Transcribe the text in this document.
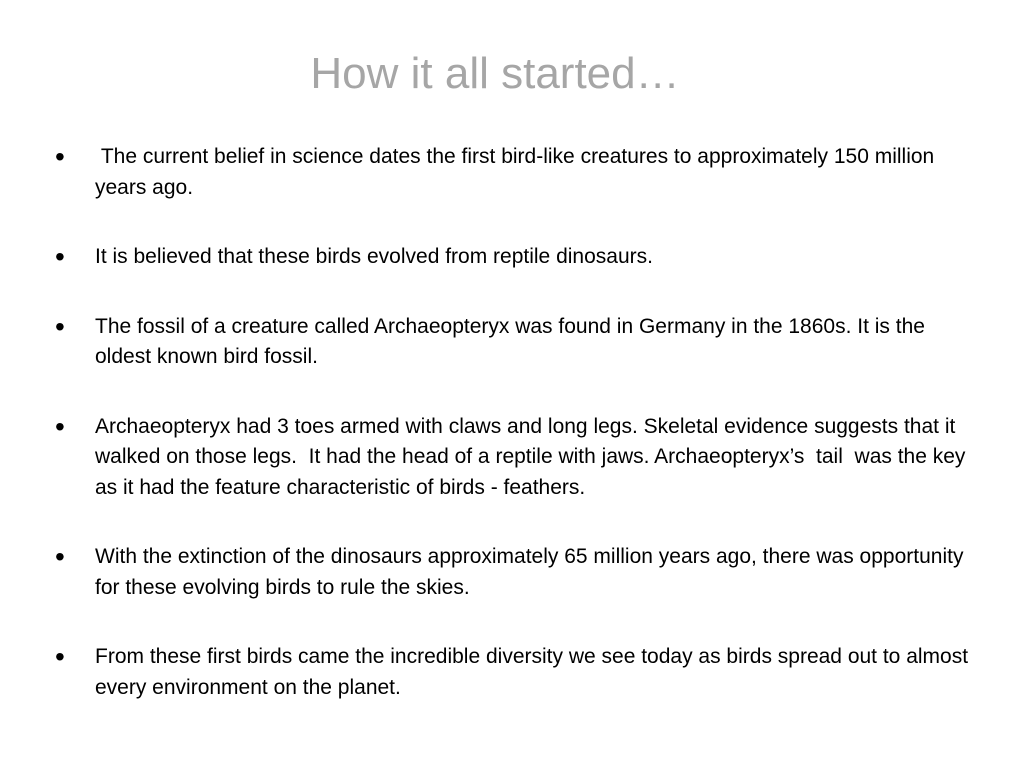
How it all started…
• The current belief in science dates the first bird-like creatures to approximately 150 million years ago.
• It is believed that these birds evolved from reptile dinosaurs.
• The fossil of a creature called Archaeopteryx was found in Germany in the 1860s. It is the oldest known bird fossil.
• Archaeopteryx had 3 toes armed with claws and long legs. Skeletal evidence suggests that it walked on those legs.  It had the head of a reptile with jaws. Archaeopteryx’s  tail  was the key as it had the feature characteristic of birds - feathers.
• With the extinction of the dinosaurs approximately 65 million years ago, there was opportunity for these evolving birds to rule the skies.
• From these first birds came the incredible diversity we see today as birds spread out to almost every environment on the planet.
